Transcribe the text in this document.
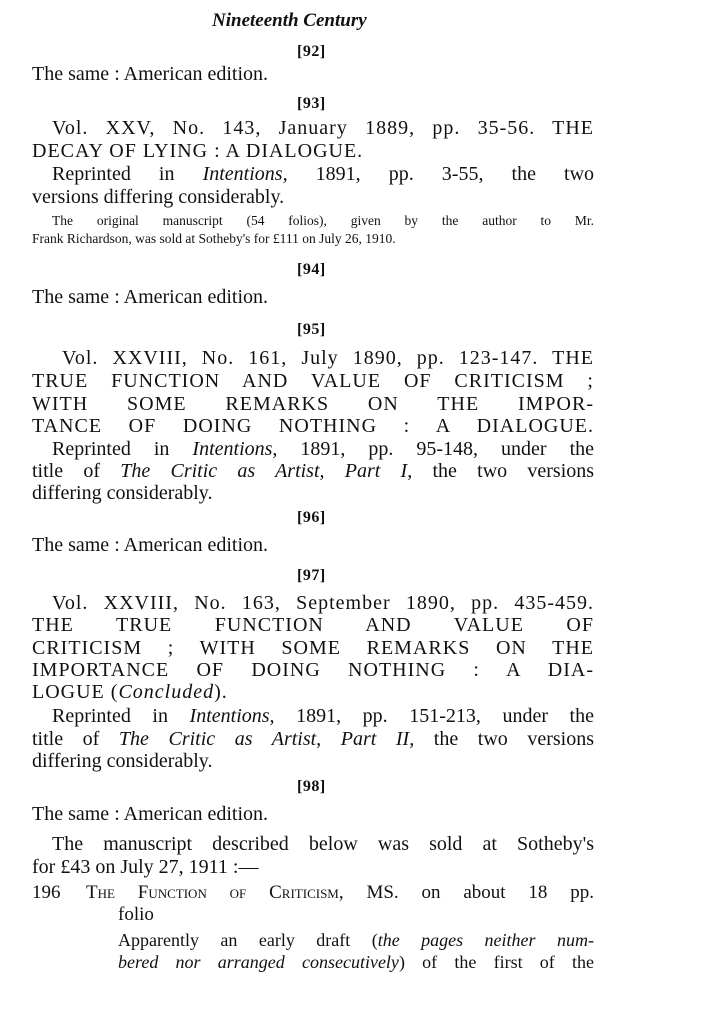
Nineteenth Century
[92]
The same : American edition.
[93]
Vol. XXV, No. 143, January 1889, pp. 35-56. THE
DECAY OF LYING : A DIALOGUE.
Reprinted in Intentions, 1891, pp. 3-55, the two
versions differing considerably.
The original manuscript (54 folios), given by the author to Mr.
Frank Richardson, was sold at Sotheby's for £111 on July 26, 1910.
[94]
The same : American edition.
[95]
Vol. XXVIII, No. 161, July 1890, pp. 123-147. THE
TRUE FUNCTION AND VALUE OF CRITICISM ;
WITH SOME REMARKS ON THE IMPOR-
TANCE OF DOING NOTHING : A DIALOGUE.
Reprinted in Intentions, 1891, pp. 95-148, under the
title of The Critic as Artist, Part I, the two versions
differing considerably.
[96]
The same : American edition.
[97]
Vol. XXVIII, No. 163, September 1890, pp. 435-459.
THE TRUE FUNCTION AND VALUE OF
CRITICISM ; WITH SOME REMARKS ON THE
IMPORTANCE OF DOING NOTHING : A DIA-
LOGUE (Concluded).
Reprinted in Intentions, 1891, pp. 151-213, under the
title of The Critic as Artist, Part II, the two versions
differing considerably.
[98]
The same : American edition.
The manuscript described below was sold at Sotheby's
for £43 on July 27, 1911 :—
196 The Function of Criticism, MS. on about 18 pp.
folio
Apparently an early draft (the pages neither num-
bered nor arranged consecutively) of the first of the
